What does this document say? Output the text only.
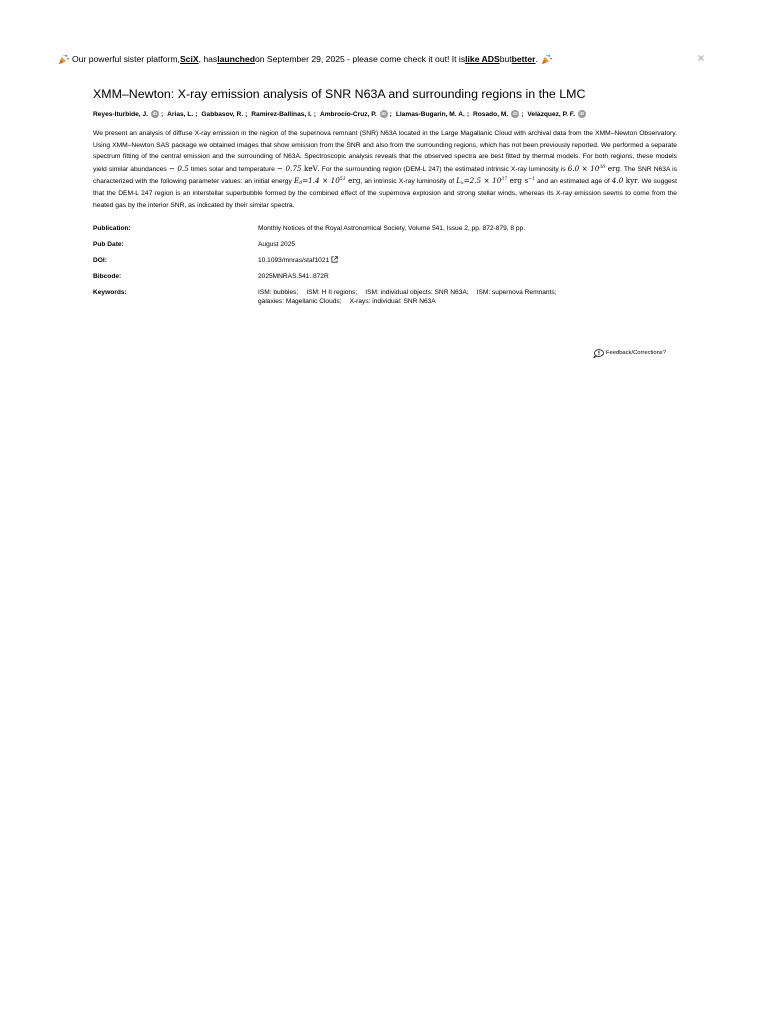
Our powerful sister platform, SciX , has launched on September 29, 2025 - please come check it out! It is like ADS but better .	×
XMM–Newton: X-ray emission analysis of SNR N63A and surrounding regions in the LMC
Reyes-Iturbide, J. iD ; Arias, L. ; Gabbasov, R. ; Ramirez-Ballinas, I. ; Ambrocio-Cruz, P. iD ; Llamas-Bugarin, M. A. ; Rosado, M. iD ; Velázquez, P. F. iD
We present an analysis of diffuse X-ray emission in the region of the supernova remnant (SNR) N63A located in the Large Magallanic Cloud with archival data from the XMM–Newton Observatory. Using XMM–Newton SAS package we obtained images that show emission from the SNR and also from the surrounding regions, which has not been previously reported. We performed a separate spectrum fitting of the central emission and the surrounding of N63A. Spectroscopic analysis reveals that the observed spectra are best fitted by thermal models. For both regions, these models yield similar abundances ∼ 0.5 times solar and temperature ∼ 0.75 keV. For the surrounding region (DEM-L 247) the estimated intrinsic X-ray luminosity is $6.0 \times 10^{36}$ erg. The SNR N63A is characterized with the following parameter values: an initial energy $E_0=1.4 \times 10^{51}$ erg, an intrinsic X-ray luminosity of $L_x=2.5 \times 10^{37}$ erg $s^{-1}$ and an estimated age of 4.0 kyr. We suggest that the DEM-L 247 region is an interstellar superbubble formed by the combined effect of the supernova explosion and strong stellar winds, whereas its X-ray emission seems to come from the heated gas by the interior SNR, as indicated by their similar spectra.
Publication:	Monthly Notices of the Royal Astronomical Society, Volume 541, Issue 2, pp. 872-879, 8 pp.
Pub Date:	August 2025
DOI:	10.1093/mnras/staf1021
Bibcode:	2025MNRAS.541..872R
Keywords:	ISM: bubbles; ISM: H II regions; ISM: individual objects: SNR N63A; ISM: supernova Remnants;
galaxies: Magellanic Clouds; X-rays: individual: SNR N63A
Feedback/Corrections?
